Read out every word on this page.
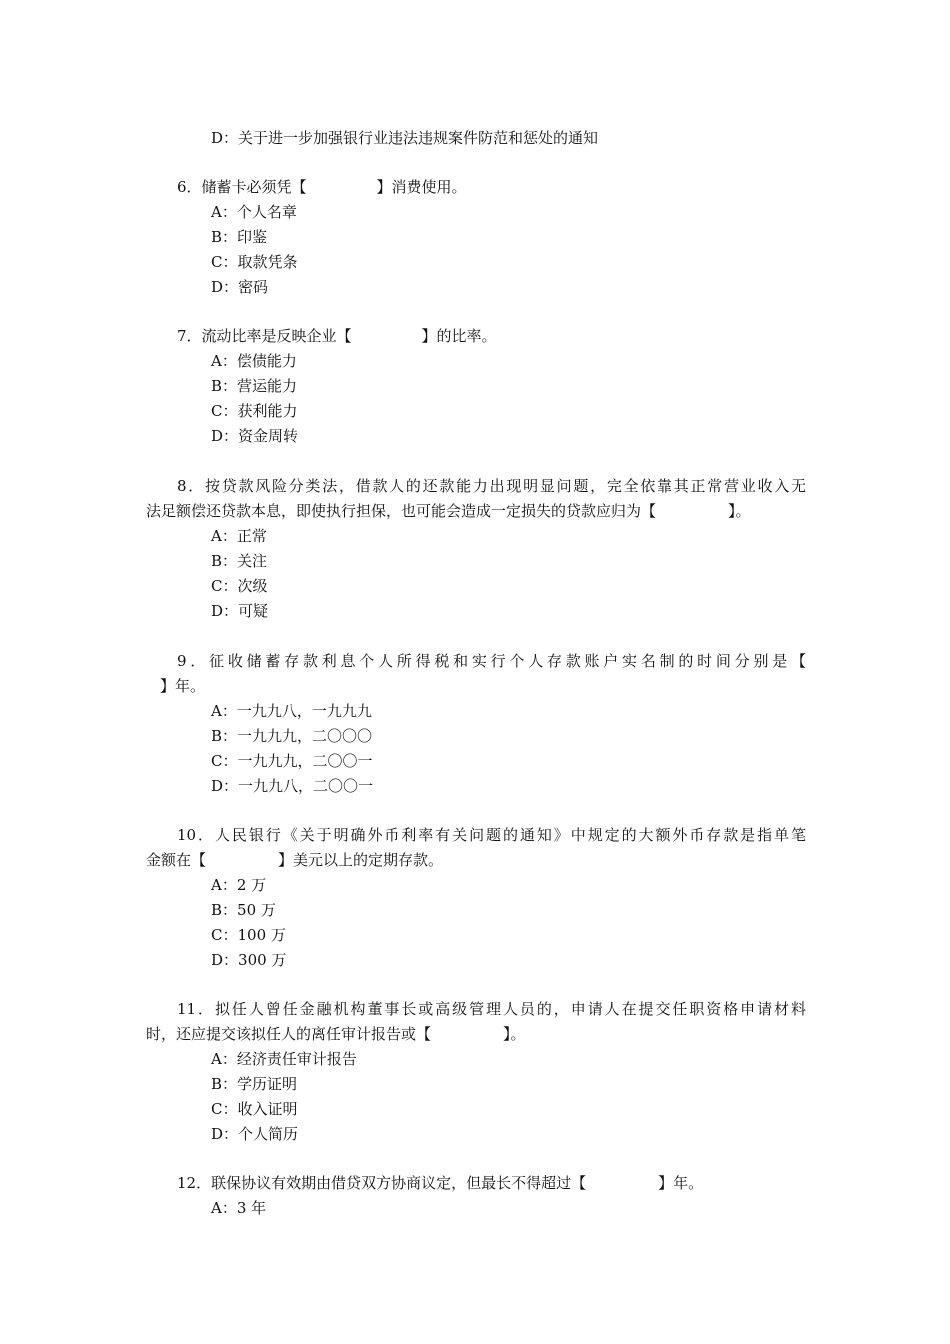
D：关于进一步加强银行业违法违规案件防范和惩处的通知
6．储蓄卡必须凭【	】消费使用。
A：个人名章
B：印鉴
C：取款凭条
D：密码
7．流动比率是反映企业【	】的比率。
A：偿债能力
B：营运能力
C：获利能力
D：资金周转
8．按贷款风险分类法，借款人的还款能力出现明显问题，完全依靠其正常营业收入无
法足额偿还贷款本息，即使执行担保，也可能会造成一定损失的贷款应归为【	】。
A：正常
B：关注
C：次级
D：可疑
9．征收储蓄存款利息个人所得税和实行个人存款账户实名制的时间分别是【
】年。
A：一九九八，一九九九
B：一九九九，二〇〇〇
C：一九九九，二〇〇一
D：一九九八，二〇〇一
10．人民银行《关于明确外币利率有关问题的通知》中规定的大额外币存款是指单笔
金额在【	】美元以上的定期存款。
A：2 万
B：50 万
C：100 万
D：300 万
11．拟任人曾任金融机构董事长或高级管理人员的，申请人在提交任职资格申请材料
时，还应提交该拟任人的离任审计报告或【	】。
A：经济责任审计报告
B：学历证明
C：收入证明
D：个人简历
12．联保协议有效期由借贷双方协商议定，但最长不得超过【	】年。
A：3 年
